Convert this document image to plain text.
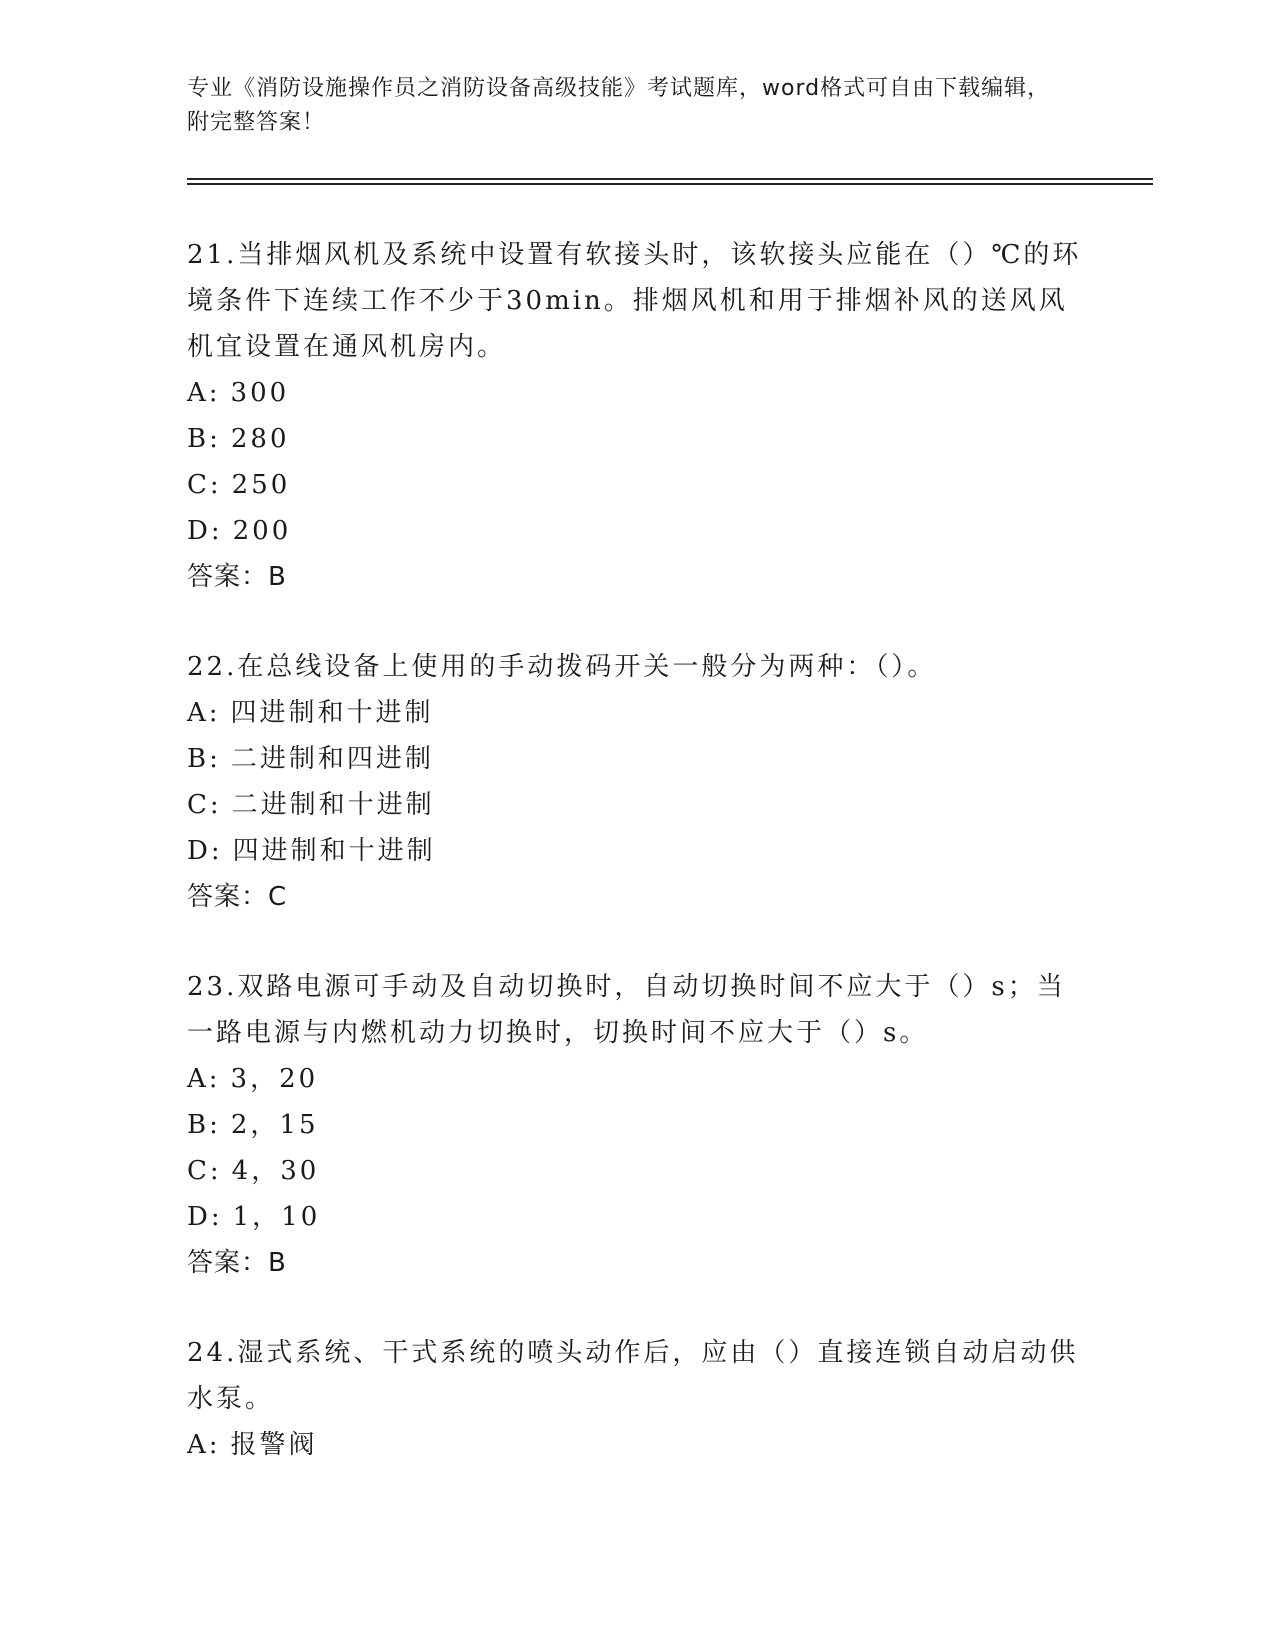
专业《消防设施操作员之消防设备高级技能》考试题库，word格式可自由下载编辑，附完整答案！

21.当排烟风机及系统中设置有软接头时，该软接头应能在（）℃的环境条件下连续工作不少于30min。排烟风机和用于排烟补风的送风风机宜设置在通风机房内。

A : 300
B : 280
C : 250
D : 200

答案：B

22.在总线设备上使用的手动拨码开关一般分为两种：（）。

A : 四进制和十进制
B : 二进制和四进制
C : 二进制和十进制
D : 四进制和十进制

答案：C

23.双路电源可手动及自动切换时，自动切换时间不应大于（）s；当一路电源与内燃机动力切换时，切换时间不应大于（）s。

A : 3，20
B : 2，15
C : 4，30
D : 1，10

答案：B

24.湿式系统、干式系统的喷头动作后，应由（）直接连锁自动启动供水泵。

A : 报警阀
